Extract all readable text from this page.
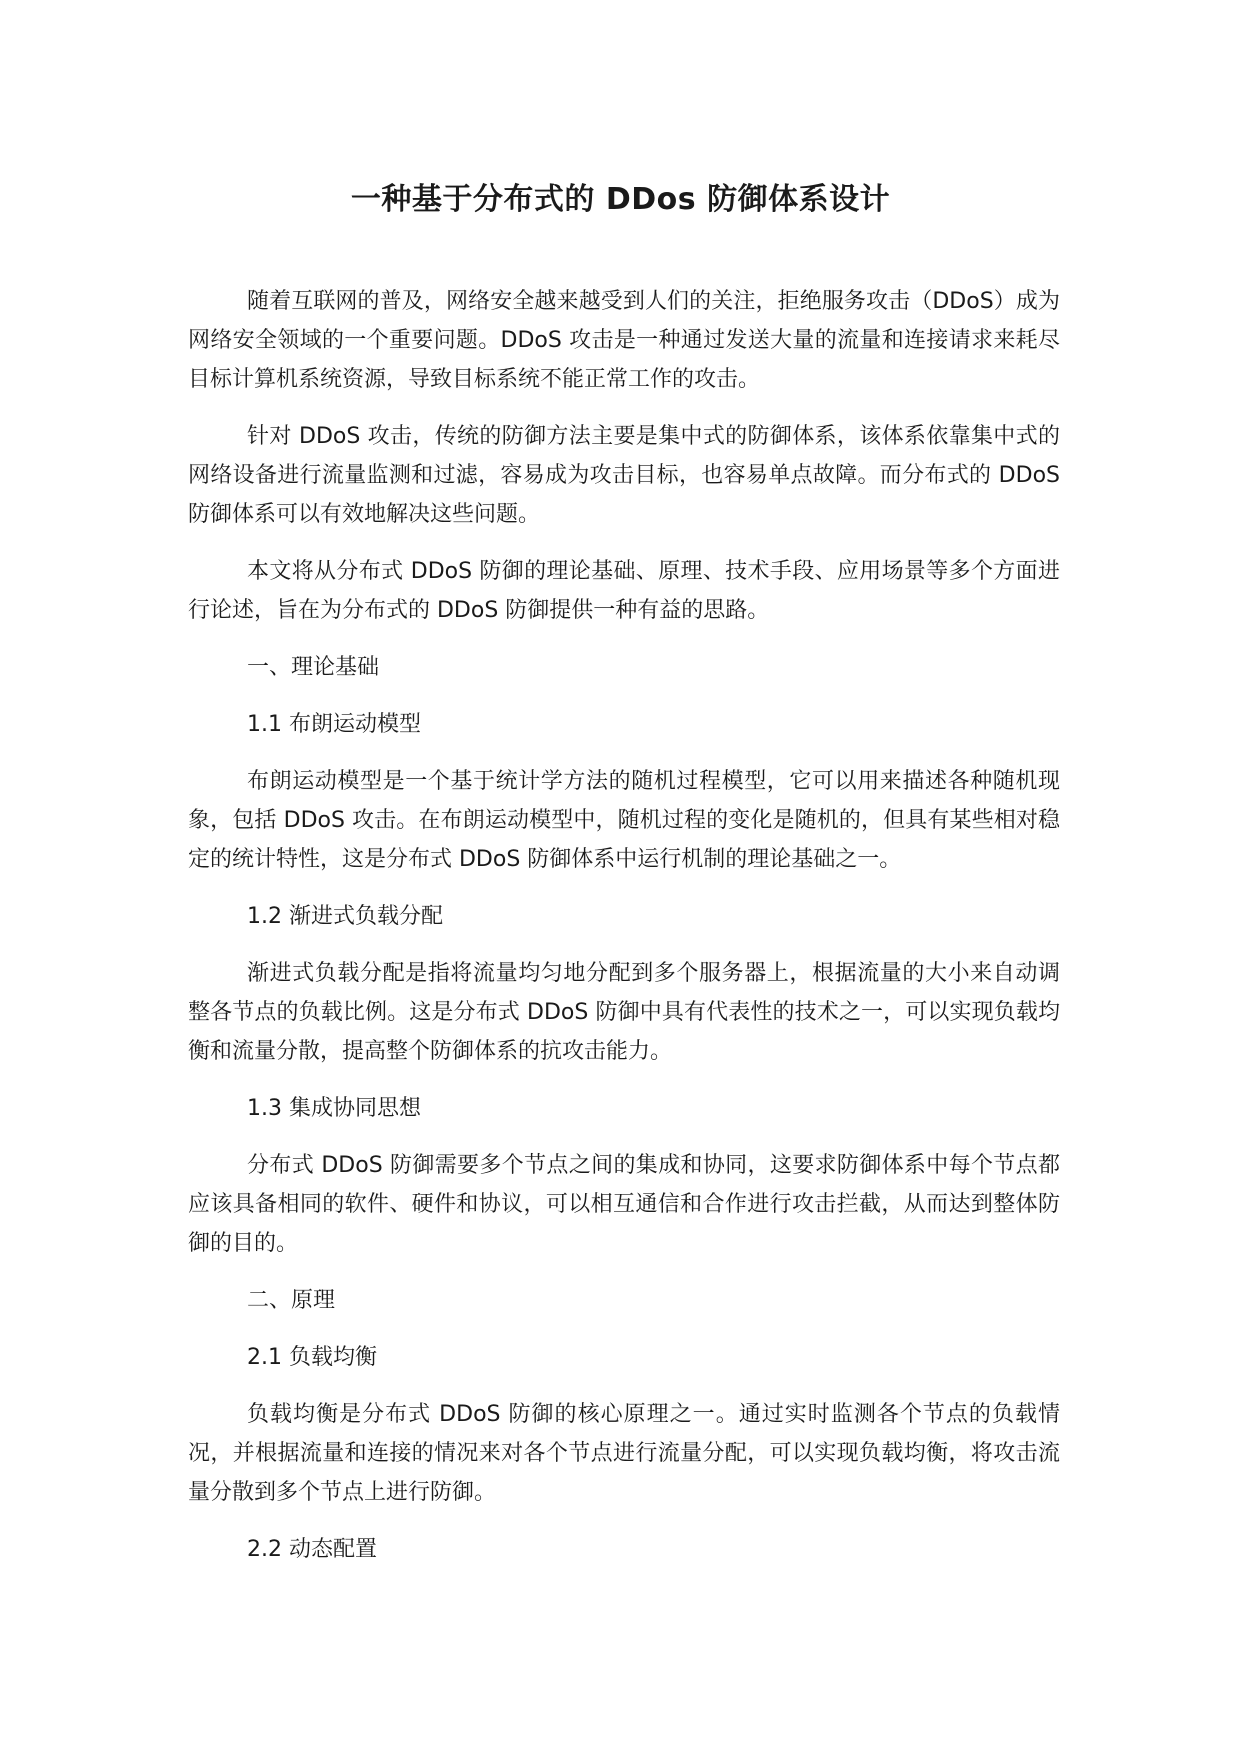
一种基于分布式的 DDos 防御体系设计

随着互联网的普及，网络安全越来越受到人们的关注，拒绝服务攻击（DDoS）成为网络安全领域的一个重要问题。DDoS 攻击是一种通过发送大量的流量和连接请求来耗尽目标计算机系统资源，导致目标系统不能正常工作的攻击。

针对 DDoS 攻击，传统的防御方法主要是集中式的防御体系，该体系依靠集中式的网络设备进行流量监测和过滤，容易成为攻击目标，也容易单点故障。而分布式的 DDoS 防御体系可以有效地解决这些问题。

本文将从分布式 DDoS 防御的理论基础、原理、技术手段、应用场景等多个方面进行论述，旨在为分布式的 DDoS 防御提供一种有益的思路。

一、理论基础

1.1 布朗运动模型

布朗运动模型是一个基于统计学方法的随机过程模型，它可以用来描述各种随机现象，包括 DDoS 攻击。在布朗运动模型中，随机过程的变化是随机的，但具有某些相对稳定的统计特性，这是分布式 DDoS 防御体系中运行机制的理论基础之一。

1.2 渐进式负载分配

渐进式负载分配是指将流量均匀地分配到多个服务器上，根据流量的大小来自动调整各节点的负载比例。这是分布式 DDoS 防御中具有代表性的技术之一，可以实现负载均衡和流量分散，提高整个防御体系的抗攻击能力。

1.3 集成协同思想

分布式 DDoS 防御需要多个节点之间的集成和协同，这要求防御体系中每个节点都应该具备相同的软件、硬件和协议，可以相互通信和合作进行攻击拦截，从而达到整体防御的目的。

二、原理

2.1 负载均衡

负载均衡是分布式 DDoS 防御的核心原理之一。通过实时监测各个节点的负载情况，并根据流量和连接的情况来对各个节点进行流量分配，可以实现负载均衡，将攻击流量分散到多个节点上进行防御。

2.2 动态配置
